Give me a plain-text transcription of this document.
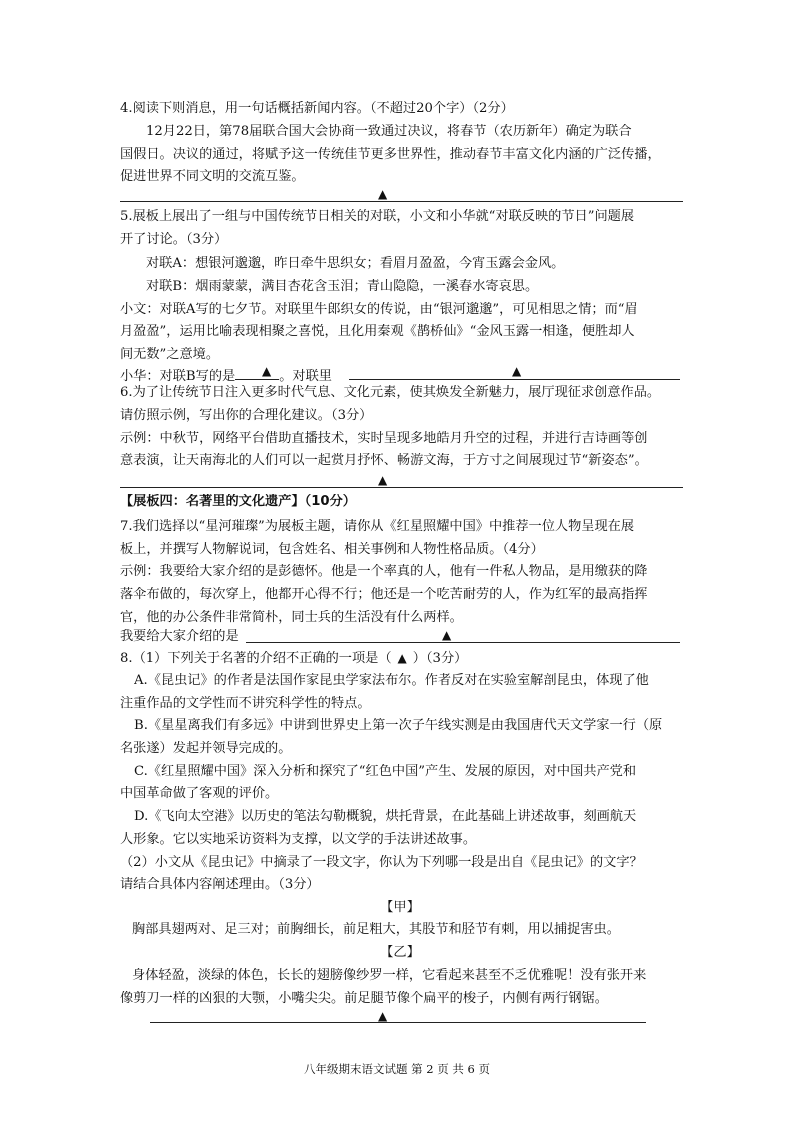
4.阅读下则消息，用一句话概括新闻内容。（不超过20个字）（2分）
12月22日，第78届联合国大会协商一致通过决议，将春节（农历新年）确定为联合
国假日。决议的通过，将赋予这一传统佳节更多世界性，推动春节丰富文化内涵的广泛传播，
促进世界不同文明的交流互鉴。
▲
5.展板上展出了一组与中国传统节日相关的对联，小文和小华就“对联反映的节日”问题展
开了讨论。（3分）
对联A：想银河邈邈，昨日牵牛思织女；看眉月盈盈，今宵玉露会金风。
对联B：烟雨蒙蒙，满目杏花含玉泪；青山隐隐，一溪春水寄哀思。
小文：对联A写的七夕节。对联里牛郎织女的传说，由“银河邈邈”，可见相思之情；而“眉
月盈盈”，运用比喻表现相聚之喜悦，且化用秦观《鹊桥仙》“金风玉露一相逢，便胜却人
间无数”之意境。
小华：对联B写的是	。对联里
▲	▲
6.为了让传统节日注入更多时代气息、文化元素，使其焕发全新魅力，展厅现征求创意作品。
请仿照示例，写出你的合理化建议。（3分）
示例：中秋节，网络平台借助直播技术，实时呈现多地皓月升空的过程，并进行吉诗画等创
意表演，让天南海北的人们可以一起赏月抒怀、畅游文海，于方寸之间展现过节“新姿态”。
▲
【展板四：名著里的文化遗产】（10分）
7.我们选择以“星河璀璨”为展板主题，请你从《红星照耀中国》中推荐一位人物呈现在展
板上，并撰写人物解说词，包含姓名、相关事例和人物性格品质。（4分）
示例：我要给大家介绍的是彭德怀。他是一个率真的人，他有一件私人物品，是用缴获的降
落伞布做的，每次穿上，他都开心得不行；他还是一个吃苦耐劳的人，作为红军的最高指挥
官，他的办公条件非常简朴，同士兵的生活没有什么两样。
我要给大家介绍的是	▲
8.（1）下列关于名著的介绍不正确的一项是（ ▲ ）（3分）
A.《昆虫记》的作者是法国作家昆虫学家法布尔。作者反对在实验室解剖昆虫，体现了他
注重作品的文学性而不讲究科学性的特点。
B.《星星离我们有多远》中讲到世界史上第一次子午线实测是由我国唐代天文学家一行（原
名张遂）发起并领导完成的。
C.《红星照耀中国》深入分析和探究了“红色中国”产生、发展的原因，对中国共产党和
中国革命做了客观的评价。
D.《飞向太空港》以历史的笔法勾勒概貌，烘托背景，在此基础上讲述故事，刻画航天
人形象。它以实地采访资料为支撑，以文学的手法讲述故事。
（2）小文从《昆虫记》中摘录了一段文字，你认为下列哪一段是出自《昆虫记》的文字？
请结合具体内容阐述理由。（3分）
【甲】
胸部具翅两对、足三对；前胸细长，前足粗大，其股节和胫节有刺，用以捕捉害虫。
【乙】
身体轻盈，淡绿的体色，长长的翅膀像纱罗一样，它看起来甚至不乏优雅呢！没有张开来
像剪刀一样的凶狠的大颚，小嘴尖尖。前足腿节像个扁平的梭子，内侧有两行钢锯。
▲
八年级期末语文试题 第 2 页 共 6 页
